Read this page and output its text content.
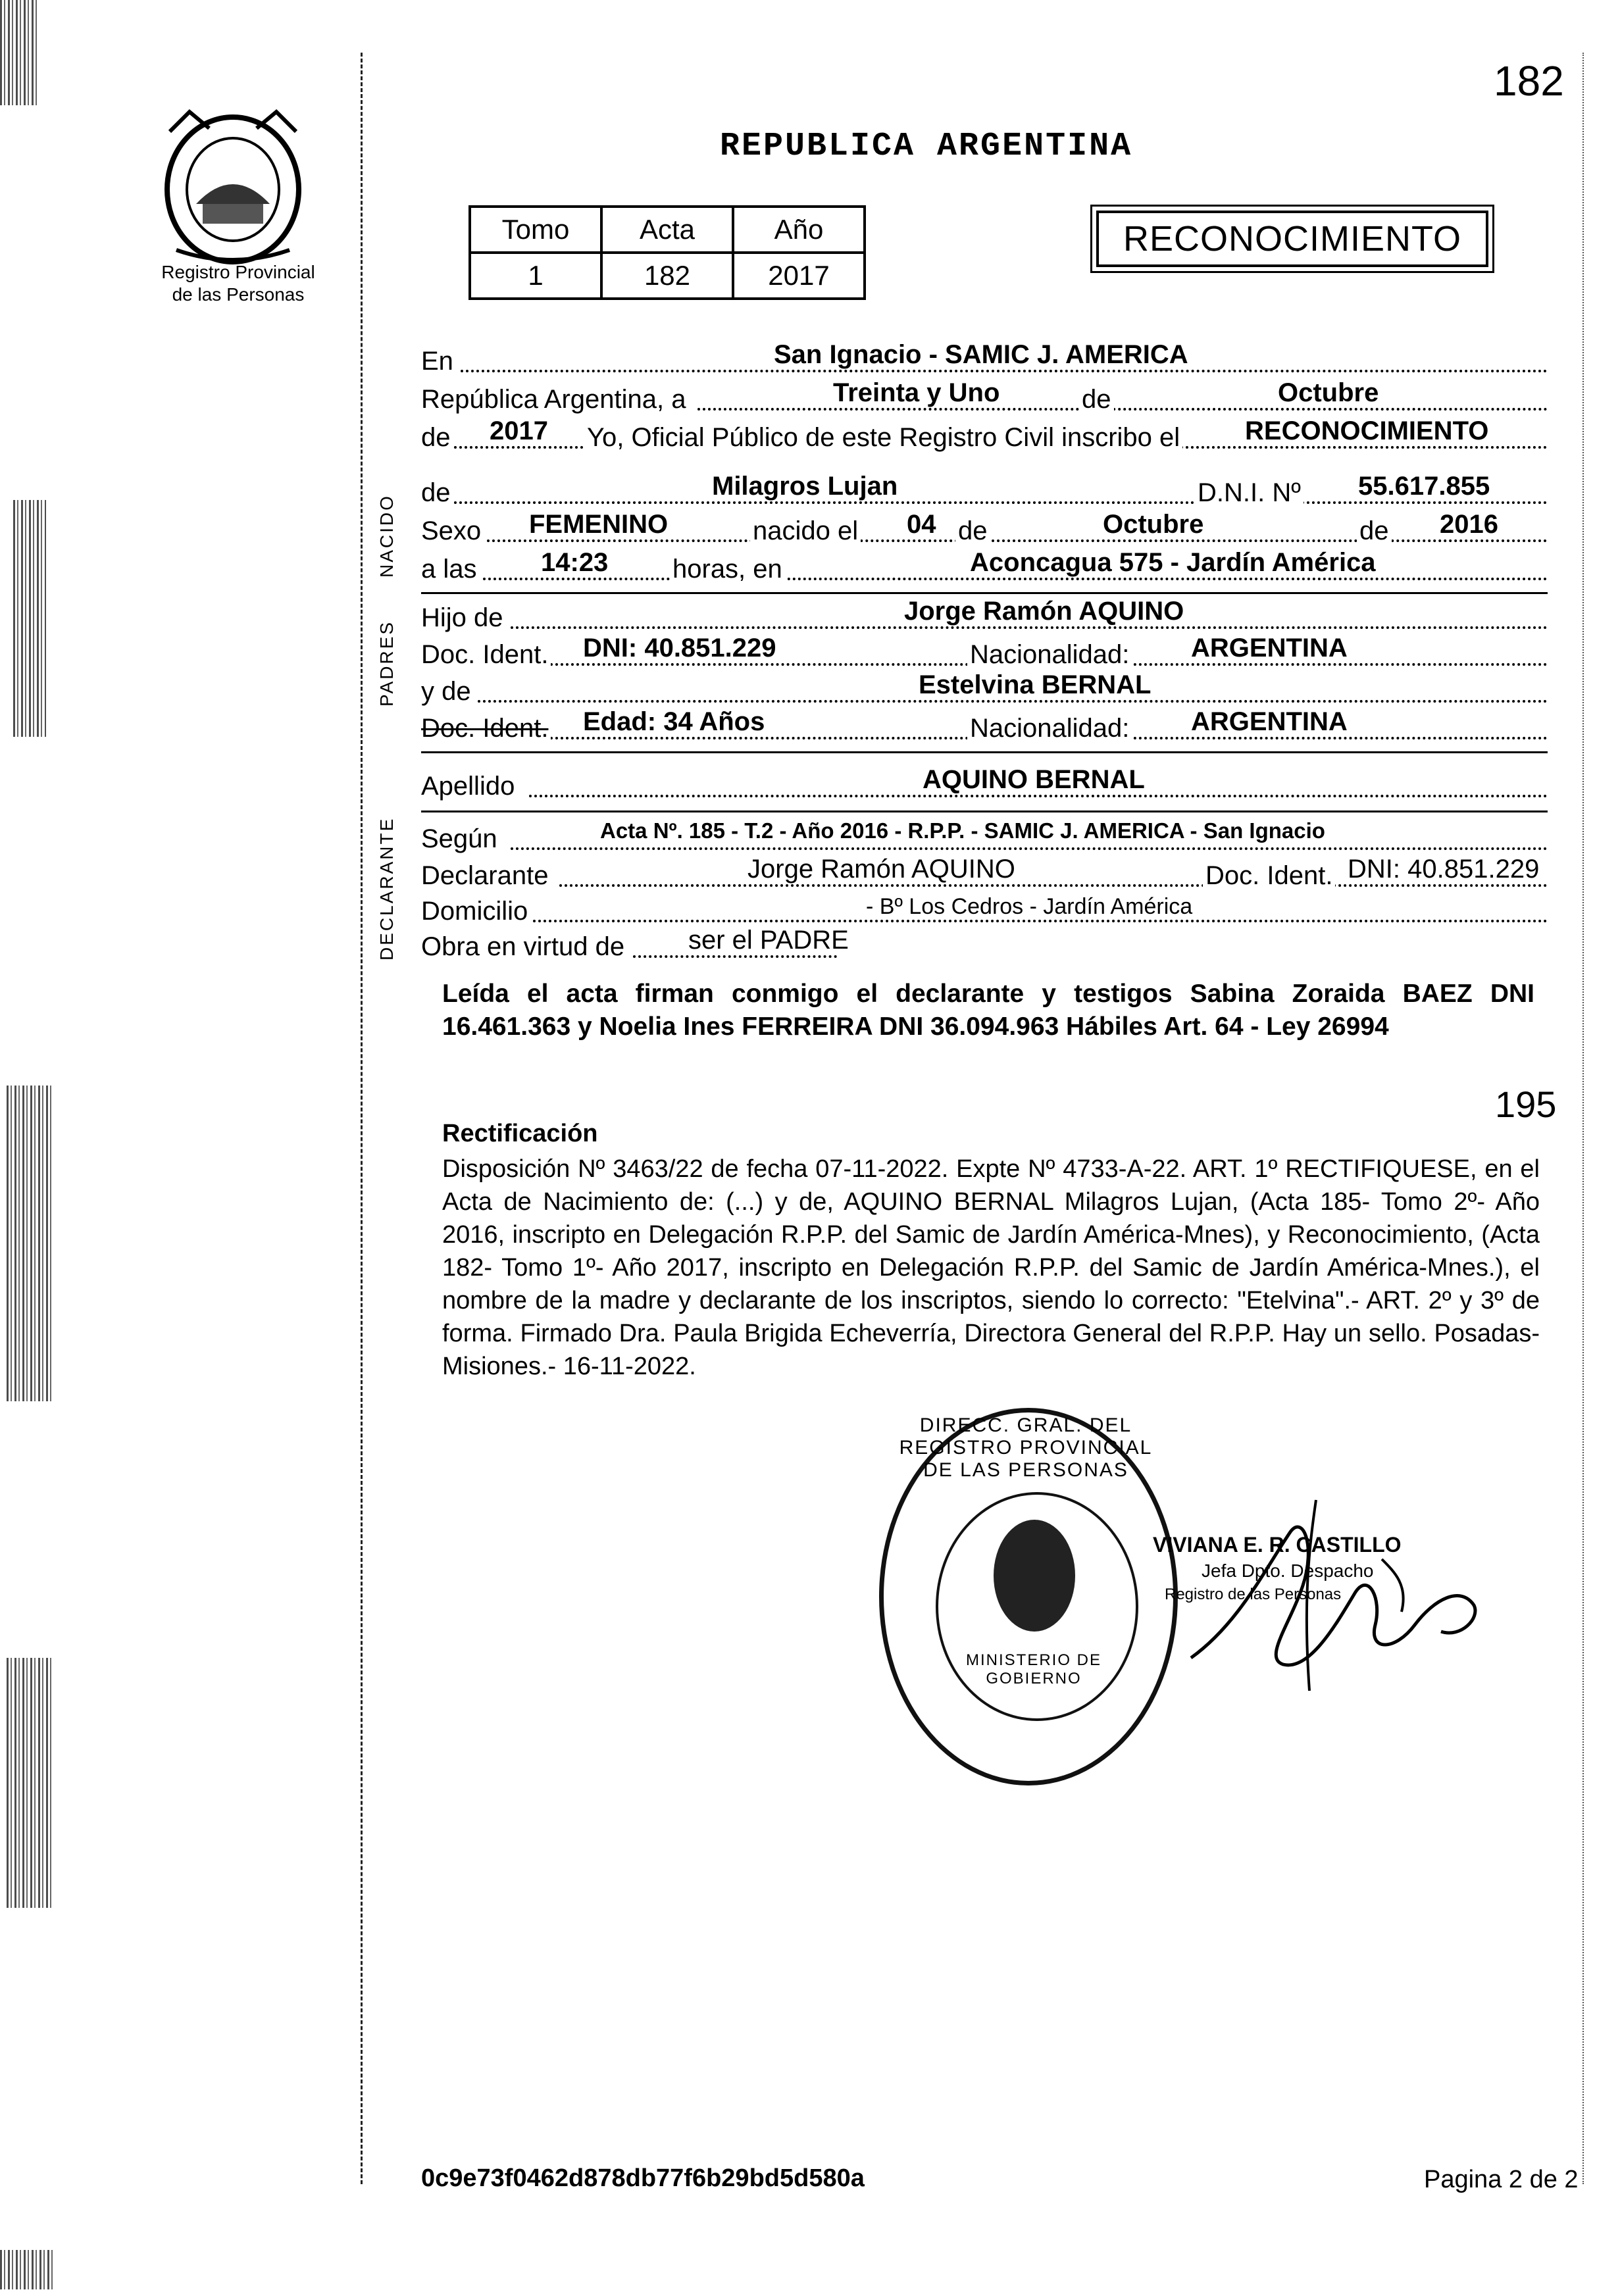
182
Registro Provincial
de las Personas
REPUBLICA ARGENTINA
Tomo	Acta	Año
1	182	2017
RECONOCIMIENTO
En	San Ignacio - SAMIC J. AMERICA
República Argentina, a	Treinta y Uno	de	Octubre
de 2017 Yo, Oficial Público de este Registro Civil inscribo el RECONOCIMIENTO
NACIDO
de	Milagros Lujan	D.N.I. Nº 55.617.855
Sexo FEMENINO	nacido el 04 de	Octubre	de 2016
a las 14:23 horas, en	Aconcagua 575 - Jardín América
PADRES
Hijo de	Jorge Ramón AQUINO
Doc. Ident. DNI: 40.851.229	Nacionalidad: ARGENTINA
y de	Estelvina BERNAL
Doc. Ident. Edad: 34 Años	Nacionalidad: ARGENTINA
Apellido	AQUINO BERNAL
DECLARANTE Según	Acta Nº. 185 - T.2 - Año 2016 - R.P.P. - SAMIC J. AMERICA - San Ignacio
Declarante	Jorge Ramón AQUINO	Doc. Ident. DNI: 40.851.229
Domicilio	- Bº Los Cedros - Jardín América
Obra en virtud de ser el PADRE
Leída el acta firman conmigo el declarante y testigos Sabina Zoraida BAEZ DNI 16.461.363 y Noelia Ines FERREIRA DNI 36.094.963 Hábiles Art. 64 - Ley 26994
195
Rectificación
Disposición Nº 3463/22 de fecha 07-11-2022. Expte Nº 4733-A-22. ART. 1º RECTIFIQUESE, en el Acta de Nacimiento de: (...) y de, AQUINO BERNAL Milagros Lujan, (Acta 185- Tomo 2º- Año 2016, inscripto en Delegación R.P.P. del Samic de Jardín América-Mnes), y Reconocimiento, (Acta 182- Tomo 1º- Año 2017, inscripto en Delegación R.P.P. del Samic de Jardín América-Mnes.), el nombre de la madre y declarante de los inscriptos, siendo lo correcto: "Etelvina".- ART. 2º y 3º de forma. Firmado Dra. Paula Brigida Echeverría, Directora General del R.P.P. Hay un sello. Posadas- Misiones.- 16-11-2022.
DIRECC. GRAL. DEL REGISTRO PROVINCIAL DE LAS PERSONAS
MINISTERIO DE GOBIERNO
VIVIANA E. R. CASTILLO
Jefa Dpto. Despacho
Registro de las Personas
0c9e73f0462d878db77f6b29bd5d580a	Pagina 2 de 2
